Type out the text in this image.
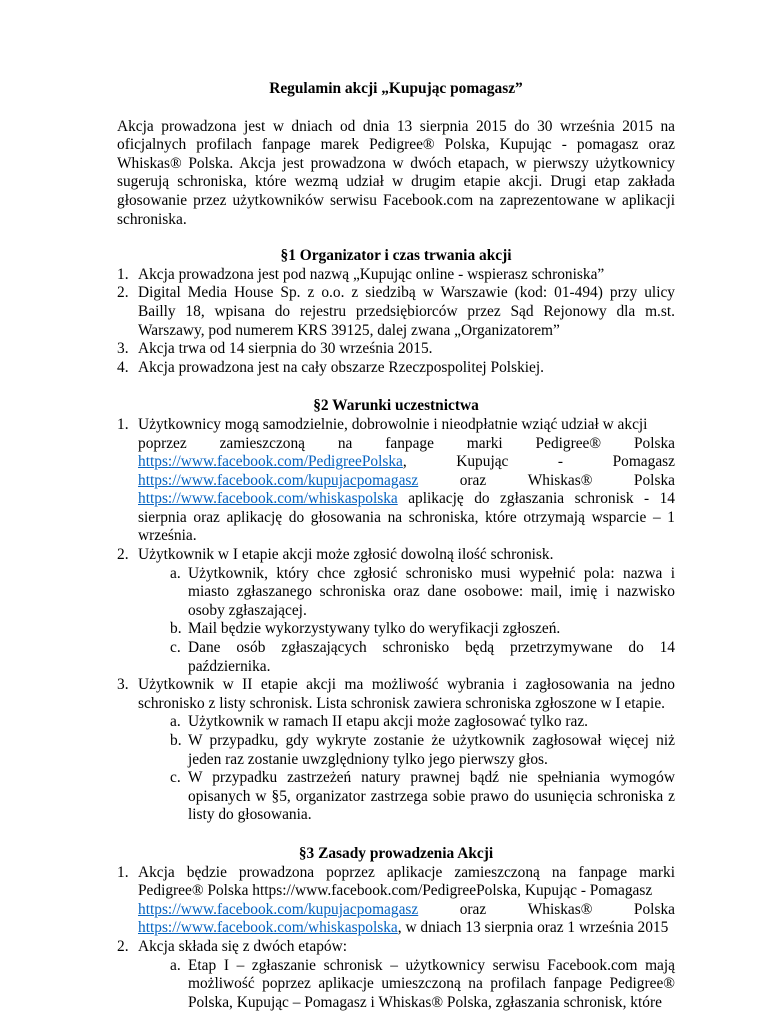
Regulamin akcji „Kupując pomagasz”

Akcja prowadzona jest w dniach od dnia 13 sierpnia 2015 do 30 września 2015 na oficjalnych profilach fanpage marek Pedigree® Polska, Kupując - pomagasz oraz Whiskas® Polska. Akcja jest prowadzona w dwóch etapach, w pierwszy użytkownicy sugerują schroniska, które wezmą udział w drugim etapie akcji. Drugi etap zakłada głosowanie przez użytkowników serwisu Facebook.com na zaprezentowane w aplikacji schroniska.

§1 Organizator i czas trwania akcji

1. Akcja prowadzona jest pod nazwą „Kupując online - wspierasz schroniska”
2. Digital Media House Sp. z o.o. z siedzibą w Warszawie (kod: 01-494) przy ulicy Bailly 18, wpisana do rejestru przedsiębiorców przez Sąd Rejonowy dla m.st. Warszawy, pod numerem KRS 39125, dalej zwana „Organizatorem”
3. Akcja trwa od 14 sierpnia do 30 września 2015.
4. Akcja prowadzona jest na cały obszarze Rzeczpospolitej Polskiej.

§2 Warunki uczestnictwa

1. Użytkownicy mogą samodzielnie, dobrowolnie i nieodpłatnie wziąć udział w akcji
poprzez zamieszczoną na fanpage marki Pedigree® Polska
https://www.facebook.com/PedigreePolska,	Kupując	-	Pomagasz
https://www.facebook.com/kupujacpomagasz	oraz	Whiskas®	Polska
https://www.facebook.com/whiskaspolska aplikację do zgłaszania schronisk - 14 sierpnia oraz aplikację do głosowania na schroniska, które otrzymają wsparcie – 1 września.
2. Użytkownik w I etapie akcji może zgłosić dowolną ilość schronisk.
a. Użytkownik, który chce zgłosić schronisko musi wypełnić pola: nazwa i miasto zgłaszanego schroniska oraz dane osobowe: mail, imię i nazwisko osoby zgłaszającej.
b. Mail będzie wykorzystywany tylko do weryfikacji zgłoszeń.
c. Dane osób zgłaszających schronisko będą przetrzymywane do 14 października.
3. Użytkownik w II etapie akcji ma możliwość wybrania i zagłosowania na jedno schronisko z listy schronisk. Lista schronisk zawiera schroniska zgłoszone w I etapie.
a. Użytkownik w ramach II etapu akcji może zagłosować tylko raz.
b. W przypadku, gdy wykryte zostanie że użytkownik zagłosował więcej niż jeden raz zostanie uwzględniony tylko jego pierwszy głos.
c. W przypadku zastrzeżeń natury prawnej bądź nie spełniania wymogów opisanych w §5, organizator zastrzega sobie prawo do usunięcia schroniska z listy do głosowania.

§3 Zasady prowadzenia Akcji

1. Akcja będzie prowadzona poprzez aplikacje zamieszczoną na fanpage marki Pedigree® Polska https://www.facebook.com/PedigreePolska, Kupując - Pomagasz
https://www.facebook.com/kupujacpomagasz	oraz	Whiskas®	Polska
https://www.facebook.com/whiskaspolska, w dniach 13 sierpnia oraz 1 września 2015
2. Akcja składa się z dwóch etapów:
a. Etap I – zgłaszanie schronisk – użytkownicy serwisu Facebook.com mają możliwość poprzez aplikacje umieszczoną na profilach fanpage Pedigree® Polska, Kupując – Pomagasz i Whiskas® Polska, zgłaszania schronisk, które
